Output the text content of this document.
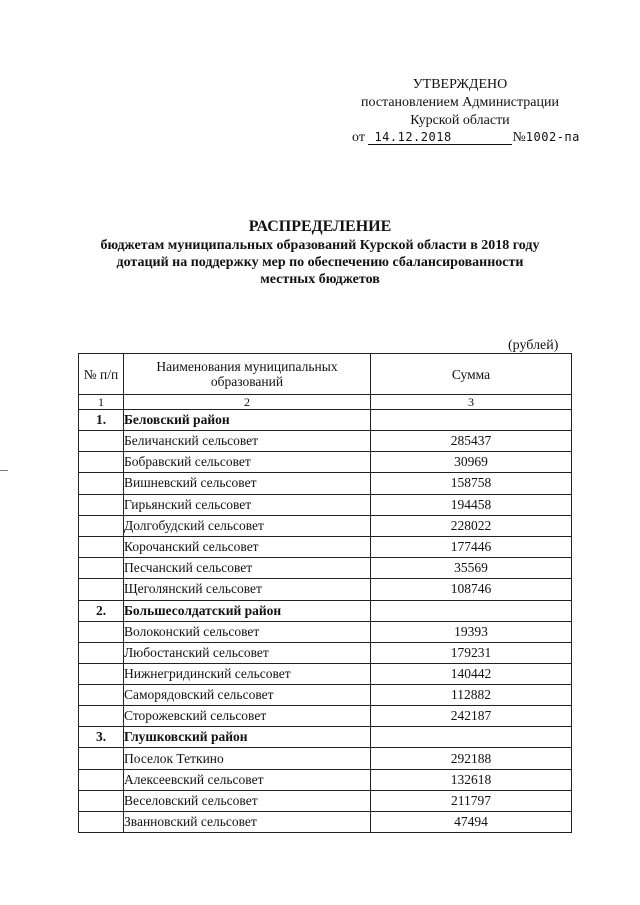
УТВЕРЖДЕНО
постановлением Администрации
Курской области
от 14.12.2018	№1002-па
РАСПРЕДЕЛЕНИЕ
бюджетам муниципальных образований Курской области в 2018 году
дотаций на поддержку мер по обеспечению сбалансированности
местных бюджетов
(рублей)
№ п/п	Наименования муниципальных образований	Сумма
1	2	3
1.	Беловский район	
	Беличанский сельсовет	285437
	Бобравский сельсовет	30969
	Вишневский сельсовет	158758
	Гирьянский сельсовет	194458
	Долгобудский сельсовет	228022
	Корочанский сельсовет	177446
	Песчанский сельсовет	35569
	Щеголянский сельсовет	108746
2.	Большесолдатский район	
	Волоконский сельсовет	19393
	Любостанский сельсовет	179231
	Нижнегридинский сельсовет	140442
	Саморядовский сельсовет	112882
	Сторожевский сельсовет	242187
3.	Глушковский район	
	Поселок Теткино	292188
	Алексеевский сельсовет	132618
	Веселовский сельсовет	211797
	Званновский сельсовет	47494
